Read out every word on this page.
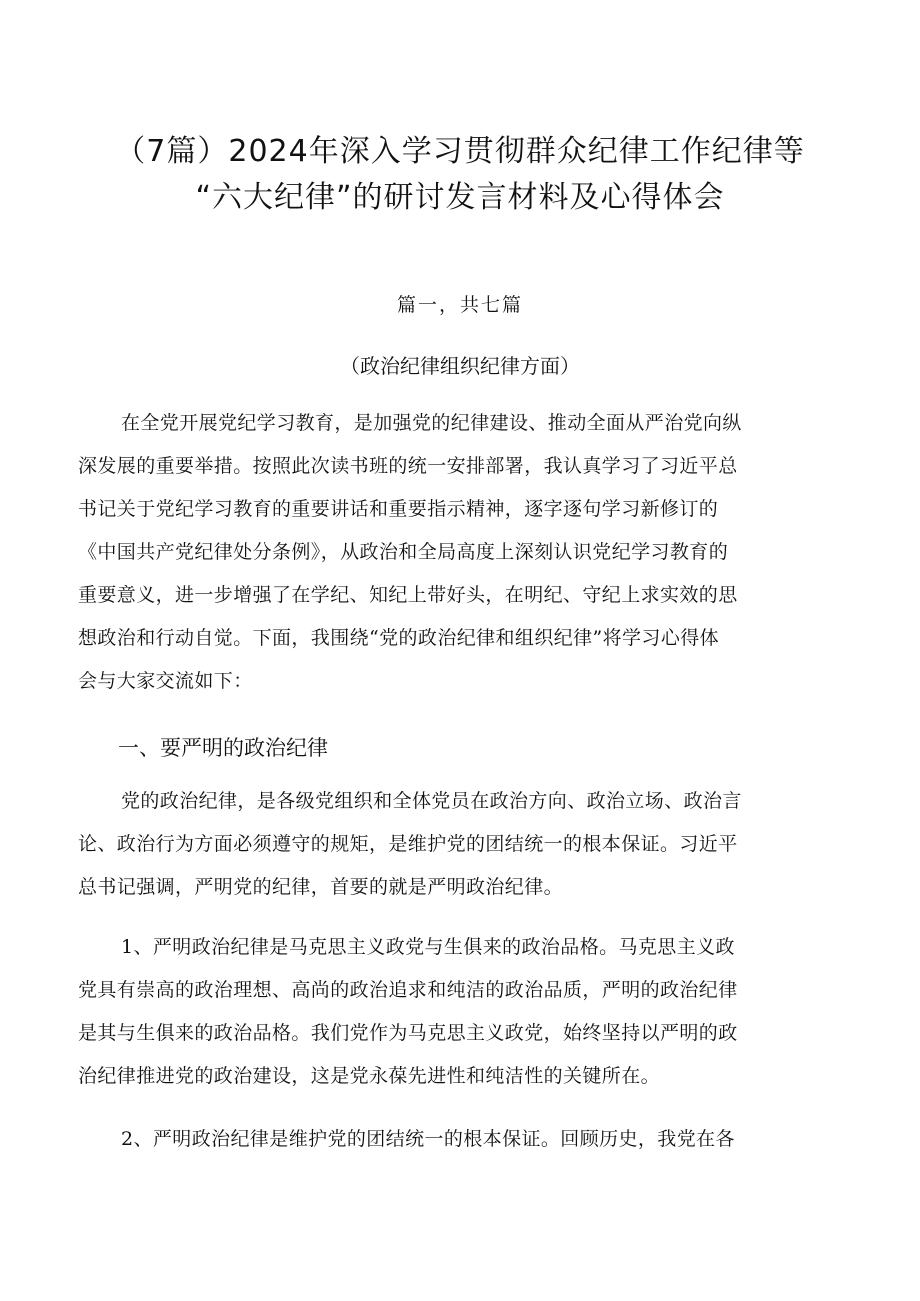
（7篇）2024年深入学习贯彻群众纪律工作纪律等
“六大纪律”的研讨发言材料及心得体会
篇一，共七篇
（政治纪律组织纪律方面）
在全党开展党纪学习教育，是加强党的纪律建设、推动全面从严治党向纵
深发展的重要举措。按照此次读书班的统一安排部署，我认真学习了习近平总
书记关于党纪学习教育的重要讲话和重要指示精神，逐字逐句学习新修订的
《中国共产党纪律处分条例》，从政治和全局高度上深刻认识党纪学习教育的
重要意义，进一步增强了在学纪、知纪上带好头，在明纪、守纪上求实效的思
想政治和行动自觉。下面，我围绕“党的政治纪律和组织纪律”将学习心得体
会与大家交流如下：
一、要严明的政治纪律
党的政治纪律，是各级党组织和全体党员在政治方向、政治立场、政治言
论、政治行为方面必须遵守的规矩，是维护党的团结统一的根本保证。习近平
总书记强调，严明党的纪律，首要的就是严明政治纪律。
1、严明政治纪律是马克思主义政党与生俱来的政治品格。马克思主义政
党具有崇高的政治理想、高尚的政治追求和纯洁的政治品质，严明的政治纪律
是其与生俱来的政治品格。我们党作为马克思主义政党，始终坚持以严明的政
治纪律推进党的政治建设，这是党永葆先进性和纯洁性的关键所在。
2、严明政治纪律是维护党的团结统一的根本保证。回顾历史，我党在各
